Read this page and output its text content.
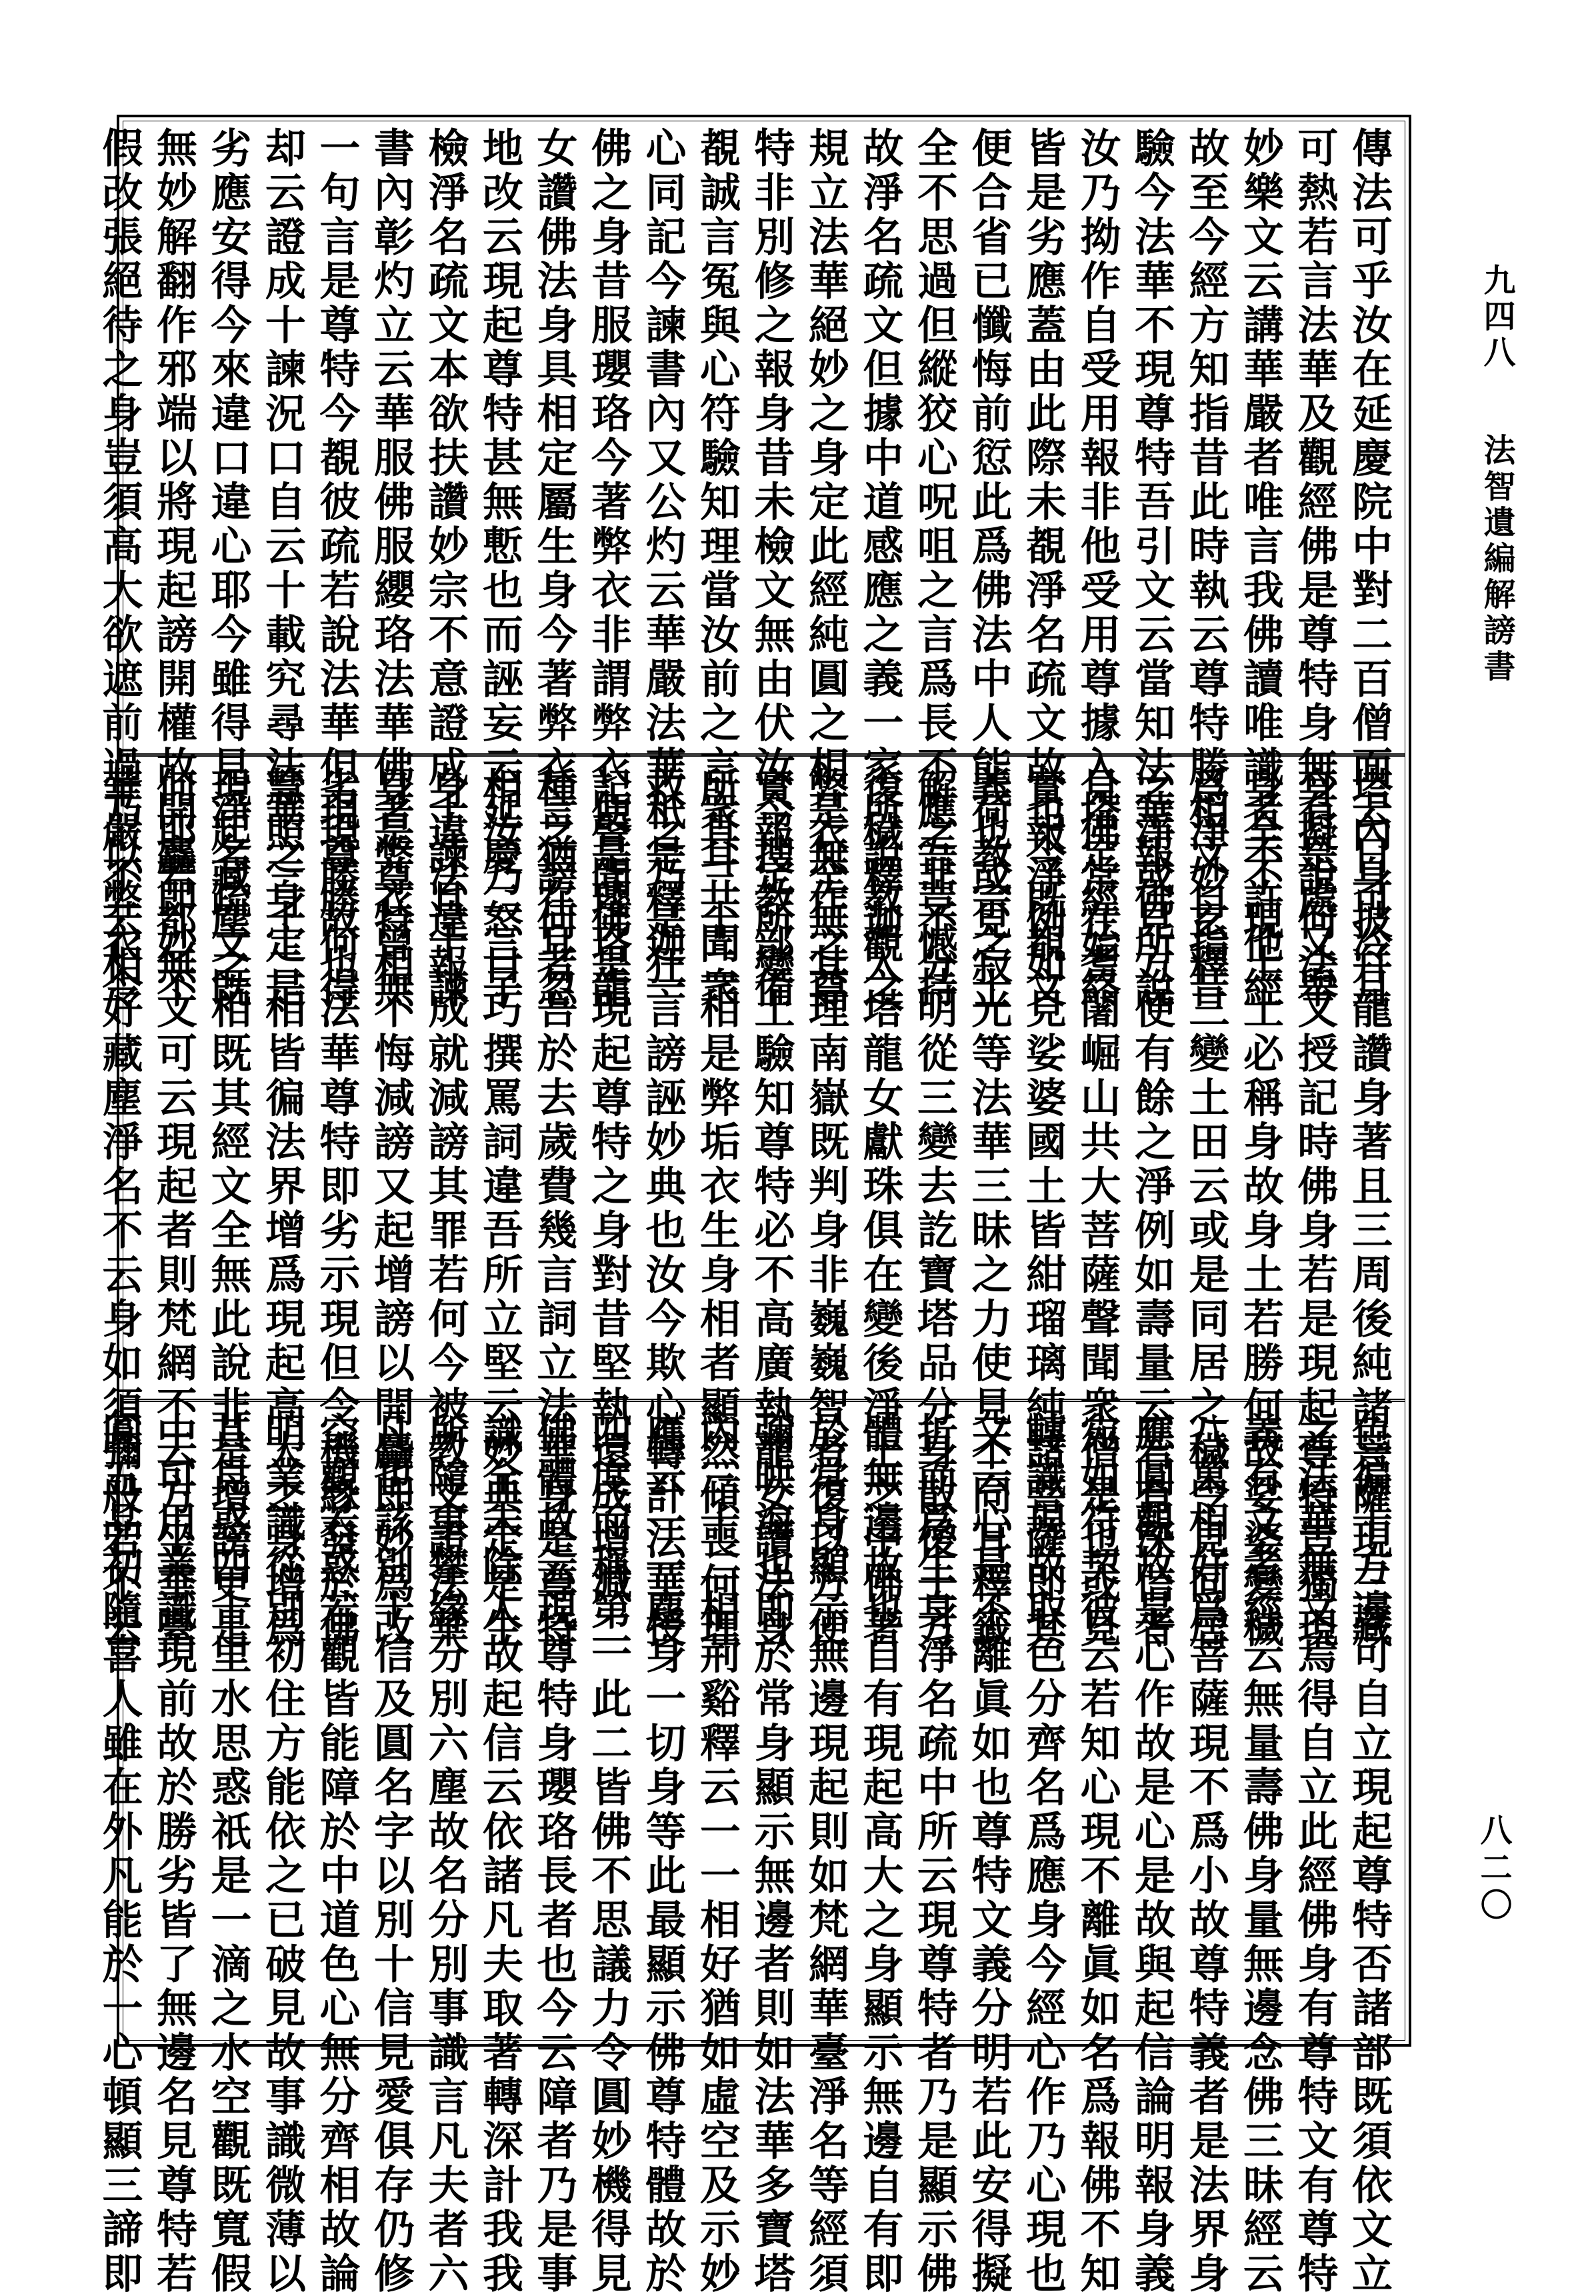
九四八 法智遺編解謗書
傳法可乎汝在延慶院中對二百僧面云日可冷月
可熱若言法華及觀經佛是尊特身無有是處又舉
妙樂文云講華嚴者唯言我佛讀唯識者不許他經
故至今經方知指昔此時執云尊特勝相文自指昔
驗今法華不現尊特吾引文云當知法華報佛所說
汝乃拗作自受用報非他受用尊據入塔定經始終
皆是劣應蓋由此際未覩淨名疏文故也今既覩文
便合省已懺悔前愆此爲佛法中人能荷教宗之士
全不思過但縱狡心呪咀之言爲長不應吾豈憾持
故淨名疏文但據中道感應之義一家所說教觀之
規立法華絕妙之身定此經純圓之相是無作之尊
特非別修之報身昔未檢文無由伏汝今搜教部備
覩誠言冤與心符驗知理當汝前之言衆耳共聞衆
心同記今諫書內又公灼云華嚴法華秖是釋迦一
佛之身昔服瓔珞今著弊衣非謂弊衣便是瓔珞龍
女讚佛法身具相定屬生身今著弊衣言猶在耳忽
地改云現起尊特甚無慙也而誣妄云延慶二三子
檢淨名疏文本欲扶讚妙宗不意證成十諫且十諫
書內彰灼立云華服佛服纓珞法華佛著弊衣曾無
一句言是尊特今覩彼疏若說法華但現尊勝何得
却云證成十諫況口自云十載究尋法華之身定是
劣應安得今來違口違心耶今雖得見淨名疏文既
無妙解翻作邪端以將現起謗開權故開麤即妙不
假改張絕待之身豈須高大欲遮前過乃以弊衣令
塔內身披幷龍讚身著且三周後純諸菩薩現三藏
身擬說何法又授記時佛身若是現起尊特豈獨現
身全不現土土必稱身故身土若勝何故娑婆變穢
爲淨妙玄釋三變土田云或是同居之穢令見同居
之淨或見方便有餘之淨例如壽量云若有深信者
見佛常在耆闍崛山共大菩薩聲聞衆僧是也或見
實報淨例如見娑婆國土皆紺瑠璃純諸菩薩即其
義也或見寂光等法華三昧之力使見不同耳釋籤
解之非不分明從三變去訖寶塔品分身散後土方
復穢釋迦入塔龍女獻珠俱在變後淨土之中佛著
弊衣全無其理南嶽既判身非巍巍智者復以方便
實報定所變土驗知尊特必不高廣執龍女讚法身
所具三十二相是弊垢衣生身相者顯然傾喪何理
救之乃是狂言謗誣妙典也汝今欺心轉計法華授
記聲聞佛是現起尊特之身對昔堅執還成增減二
種之謗何者吾於去歲費幾言詞立法華身是尊特
相汝乃怒目巧撰罵詞違吾所立堅云妙典定是生
身違法違報成就減謗其罪若何今被教文證法華
身是尊特相不悔減謗又起增謗以開麤即妙爲改
劣現勝故也法華尊特即劣示現但令機緣發於佛
慧照三十二相皆徧法界增爲現起高大之身增爲
現起藏塵之相既其經文全無此說非是增謗更是
何耶若都無文可云現起者則梵網不云方坐華臺
華嚴不云相好藏塵淨名不云身如須彌般若不云
色徧十方邊可自立現起尊特否諸部既須依文立
之法華無文焉得自立此經佛身有尊特文有尊特
義有文者經云無量壽佛身量無邊念佛三昧經云
八萬相好爲菩薩現不爲小故尊特義者是法界身
應圓觀故是心作故是心是故與起信論明報身義
宛如符契彼云若知心現不離眞如名爲報佛不知
轉識現故取色分齊名爲應身今經心作乃心現也
又云心是不離眞如也尊特文義分明若此安得擬
折而爲生身淨名疏中所云現尊特者乃是顯示佛
體無邊故也自有現起高大之身顯示無邊自有即
於常身顯示無邊現起則如梵網華臺淨名等經須
彌映海也即於常身顯示無邊者則如法華多寶塔
內三十二相荊谿釋云一一相好猶如虛空及示妙
應云一一塵身一切身等此最顯示佛尊特體故於
四度而稱第一此二皆佛不思議力令圓妙機得見
佛體故云現尊特身瓔珞長者也今云障者乃是事
識全未除人故起信云依諸凡夫取著轉深計我我
所隨事攀緣分別六塵故名分別事識言凡夫者六
凡也該別十信及圓名字以別十信見愛俱存仍修
空觀若惑若觀皆能障於中道色心無分齊相故論
明業識從別初住方能依之已破見故事識微薄以
其見惑四十里水思惑祇是一滴之水空觀既寬假
中可用業識現前故於勝劣皆了無邊名見尊特若
圓五品初隨喜人雖在外凡能於一心頓顯三諦即	八二〇
